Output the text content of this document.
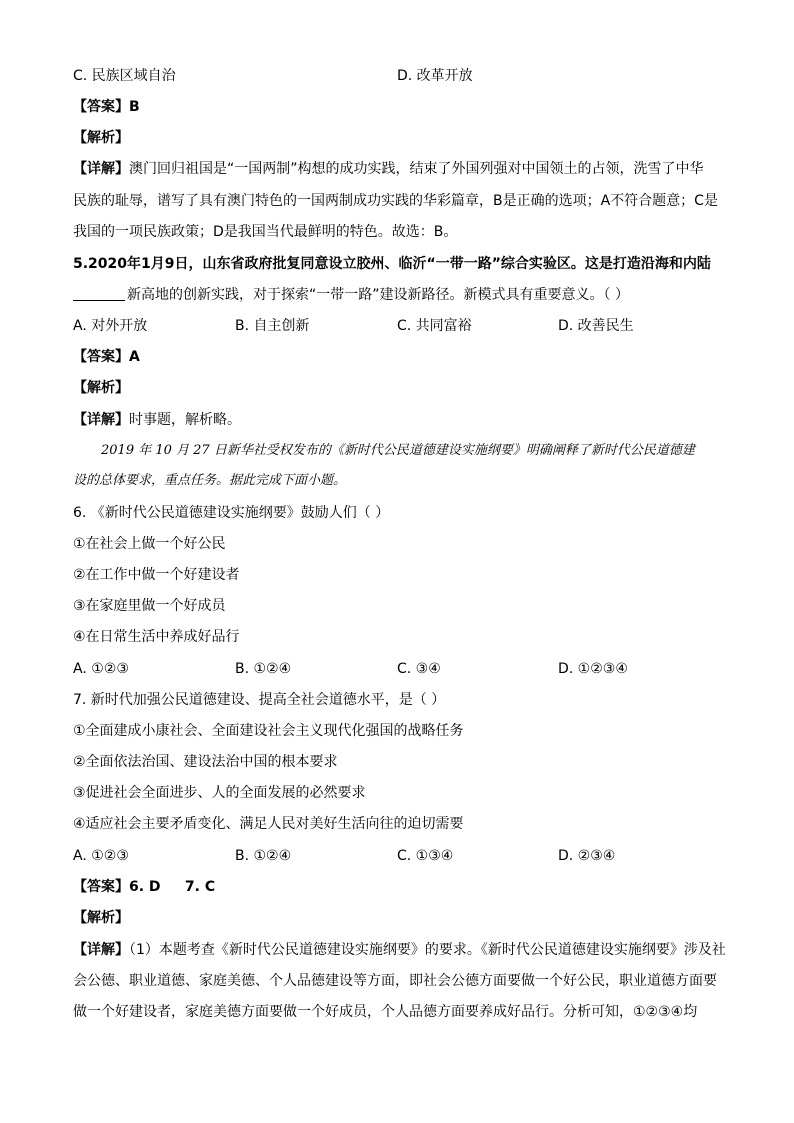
C. 民族区域自治	D. 改革开放
【答案】B
【解析】
【详解】澳门回归祖国是“一国两制”构想的成功实践，结束了外国列强对中国领土的占领，洗雪了中华
民族的耻辱，谱写了具有澳门特色的一国两制成功实践的华彩篇章，B是正确的选项；A不符合题意；C是
我国的一项民族政策；D是我国当代最鲜明的特色。故选：B。
5.2020年1月9日，山东省政府批复同意设立胶州、临沂“一带一路”综合实验区。这是打造沿海和内陆
新高地的创新实践，对于探索“一带一路”建设新路径。新模式具有重要意义。（ ）
A. 对外开放	B. 自主创新	C. 共同富裕	D. 改善民生
【答案】A
【解析】
【详解】时事题，解析略。
2019 年 10 月 27 日新华社受权发布的《新时代公民道德建设实施纲要》明确阐释了新时代公民道德建
设的总体要求，重点任务。据此完成下面小题。
6. 《新时代公民道德建设实施纲要》鼓励人们（ ）
①在社会上做一个好公民
②在工作中做一个好建设者
③在家庭里做一个好成员
④在日常生活中养成好品行
A. ①②③	B. ①②④	C. ③④	D. ①②③④
7. 新时代加强公民道德建设、提高全社会道德水平，是（ ）
①全面建成小康社会、全面建设社会主义现代化强国的战略任务
②全面依法治国、建设法治中国的根本要求
③促进社会全面进步、人的全面发展的必然要求
④适应社会主要矛盾变化、满足人民对美好生活向往的迫切需要
A. ①②③	B. ①②④	C. ①③④	D. ②③④
【答案】6. D     7. C
【解析】
【详解】（1）本题考查《新时代公民道德建设实施纲要》的要求。《新时代公民道德建设实施纲要》涉及社
会公德、职业道德、家庭美德、个人品德建设等方面，即社会公德方面要做一个好公民，职业道德方面要
做一个好建设者，家庭美德方面要做一个好成员，个人品德方面要养成好品行。分析可知，①②③④均
